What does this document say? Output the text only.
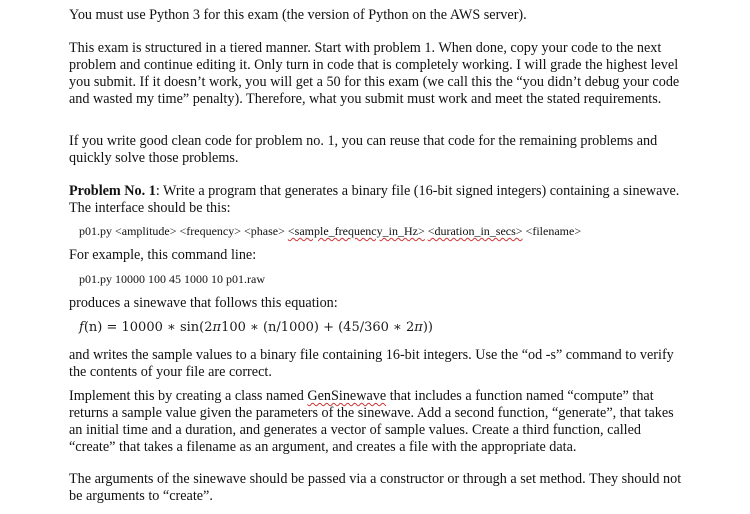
You must use Python 3 for this exam (the version of Python on the AWS server).

This exam is structured in a tiered manner. Start with problem 1. When done, copy your code to the next problem and continue editing it. Only turn in code that is completely working. I will grade the highest level you submit. If it doesn’t work, you will get a 50 for this exam (we call this the “you didn’t debug your code and wasted my time” penalty). Therefore, what you submit must work and meet the stated requirements.

If you write good clean code for problem no. 1, you can reuse that code for the remaining problems and quickly solve those problems.

Problem No. 1: Write a program that generates a binary file (16-bit signed integers) containing a sinewave. The interface should be this:

p01.py <amplitude> <frequency> <phase> <sample_frequency_in_Hz> <duration_in_secs> <filename>

For example, this command line:

p01.py 10000 100 45 1000 10 p01.raw

produces a sinewave that follows this equation:

f(n) = 10000 ∗ sin(2π100 ∗ (n/1000) + (45/360 ∗ 2π))

and writes the sample values to a binary file containing 16-bit integers. Use the “od -s” command to verify the contents of your file are correct.

Implement this by creating a class named GenSinewave that includes a function named “compute” that returns a sample value given the parameters of the sinewave. Add a second function, “generate”, that takes an initial time and a duration, and generates a vector of sample values. Create a third function, called “create” that takes a filename as an argument, and creates a file with the appropriate data.

The arguments of the sinewave should be passed via a constructor or through a set method. They should not be arguments to “create”.
